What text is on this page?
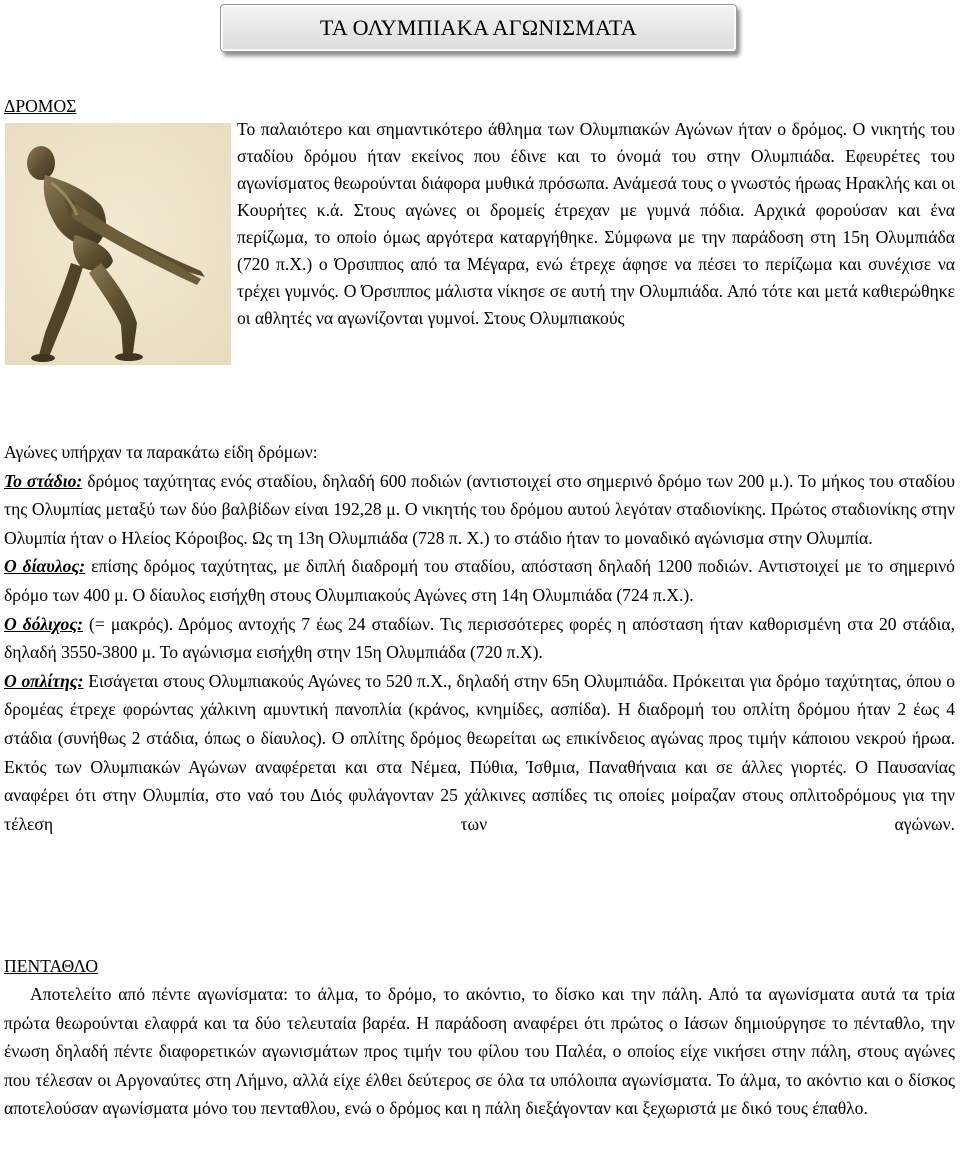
ΤΑ ΟΛΥΜΠΙΑΚΑ ΑΓΩΝΙΣΜΑΤΑ
ΔΡΟΜΟΣ
Το παλαιότερο και σημαντικότερο άθλημα των Ολυμπιακών Αγώνων ήταν ο δρόμος. Ο νικητής του σταδίου δρόμου ήταν εκείνος που έδινε και το όνομά του στην Ολυμπιάδα. Εφευρέτες του αγωνίσματος θεωρούνται διάφορα μυθικά πρόσωπα. Ανάμεσά τους ο γνωστός ήρωας Ηρακλής και οι Κουρήτες κ.ά. Στους αγώνες οι δρομείς έτρεχαν με γυμνά πόδια. Αρχικά φορούσαν και ένα περίζωμα, το οποίο όμως αργότερα καταργήθηκε. Σύμφωνα με την παράδοση στη 15η Ολυμπιάδα (720 π.Χ.) ο Όρσιππος από τα Μέγαρα, ενώ έτρεχε άφησε να πέσει το περίζωμα και συνέχισε να τρέχει γυμνός. Ο Όρσιππος μάλιστα νίκησε σε αυτή την Ολυμπιάδα. Από τότε και μετά καθιερώθηκε οι αθλητές να αγωνίζονται γυμνοί. Στους Ολυμπιακούς
Αγώνες υπήρχαν τα παρακάτω είδη δρόμων:
Το στάδιο: δρόμος ταχύτητας ενός σταδίου, δηλαδή 600 ποδιών (αντιστοιχεί στο σημερινό δρόμο των 200 μ.). Το μήκος του σταδίου της Ολυμπίας μεταξύ των δύο βαλβίδων είναι 192,28 μ. Ο νικητής του δρόμου αυτού λεγόταν σταδιονίκης. Πρώτος σταδιονίκης στην Ολυμπία ήταν ο Ηλείος Κόροιβος. Ως τη 13η Ολυμπιάδα (728 π. Χ.) το στάδιο ήταν το μοναδικό αγώνισμα στην Ολυμπία.
Ο δίαυλος: επίσης δρόμος ταχύτητας, με διπλή διαδρομή του σταδίου, απόσταση δηλαδή 1200 ποδιών. Αντιστοιχεί με το σημερινό δρόμο των 400 μ. Ο δίαυλος εισήχθη στους Ολυμπιακούς Αγώνες στη 14η Ολυμπιάδα (724 π.Χ.).
Ο δόλιχος: (= μακρός). Δρόμος αντοχής 7 έως 24 σταδίων. Τις περισσότερες φορές η απόσταση ήταν καθορισμένη στα 20 στάδια, δηλαδή 3550-3800 μ. Το αγώνισμα εισήχθη στην 15η Ολυμπιάδα (720 π.Χ).
Ο οπλίτης: Εισάγεται στους Ολυμπιακούς Αγώνες το 520 π.Χ., δηλαδή στην 65η Ολυμπιάδα. Πρόκειται για δρόμο ταχύτητας, όπου ο δρομέας έτρεχε φορώντας χάλκινη αμυντική πανοπλία (κράνος, κνημίδες, ασπίδα). Η διαδρομή του οπλίτη δρόμου ήταν 2 έως 4 στάδια (συνήθως 2 στάδια, όπως ο δίαυλος). Ο οπλίτης δρόμος θεωρείται ως επικίνδειος αγώνας προς τιμήν κάποιου νεκρού ήρωα. Εκτός των Ολυμπιακών Αγώνων αναφέρεται και στα Νέμεα, Πύθια, Ίσθμια, Παναθήναια και σε άλλες γιορτές. Ο Παυσανίας αναφέρει ότι στην Ολυμπία, στο ναό του Διός φυλάγονταν 25 χάλκινες ασπίδες τις οποίες μοίραζαν στους οπλιτοδρόμους για την τέλεση των αγώνων.
ΠΕΝΤΑΘΛΟ
Αποτελείτο από πέντε αγωνίσματα: το άλμα, το δρόμο, το ακόντιο, το δίσκο και την πάλη. Από τα αγωνίσματα αυτά τα τρία πρώτα θεωρούνται ελαφρά και τα δύο τελευταία βαρέα. Η παράδοση αναφέρει ότι πρώτος ο Ιάσων δημιούργησε το πένταθλο, την ένωση δηλαδή πέντε διαφορετικών αγωνισμάτων προς τιμήν του φίλου του Παλέα, ο οποίος είχε νικήσει στην πάλη, στους αγώνες που τέλεσαν οι Αργοναύτες στη Λήμνο, αλλά είχε έλθει δεύτερος σε όλα τα υπόλοιπα αγωνίσματα. Το άλμα, το ακόντιο και ο δίσκος αποτελούσαν αγωνίσματα μόνο του πενταθλου, ενώ ο δρόμος και η πάλη διεξάγονταν και ξεχωριστά με δικό τους έπαθλο.
